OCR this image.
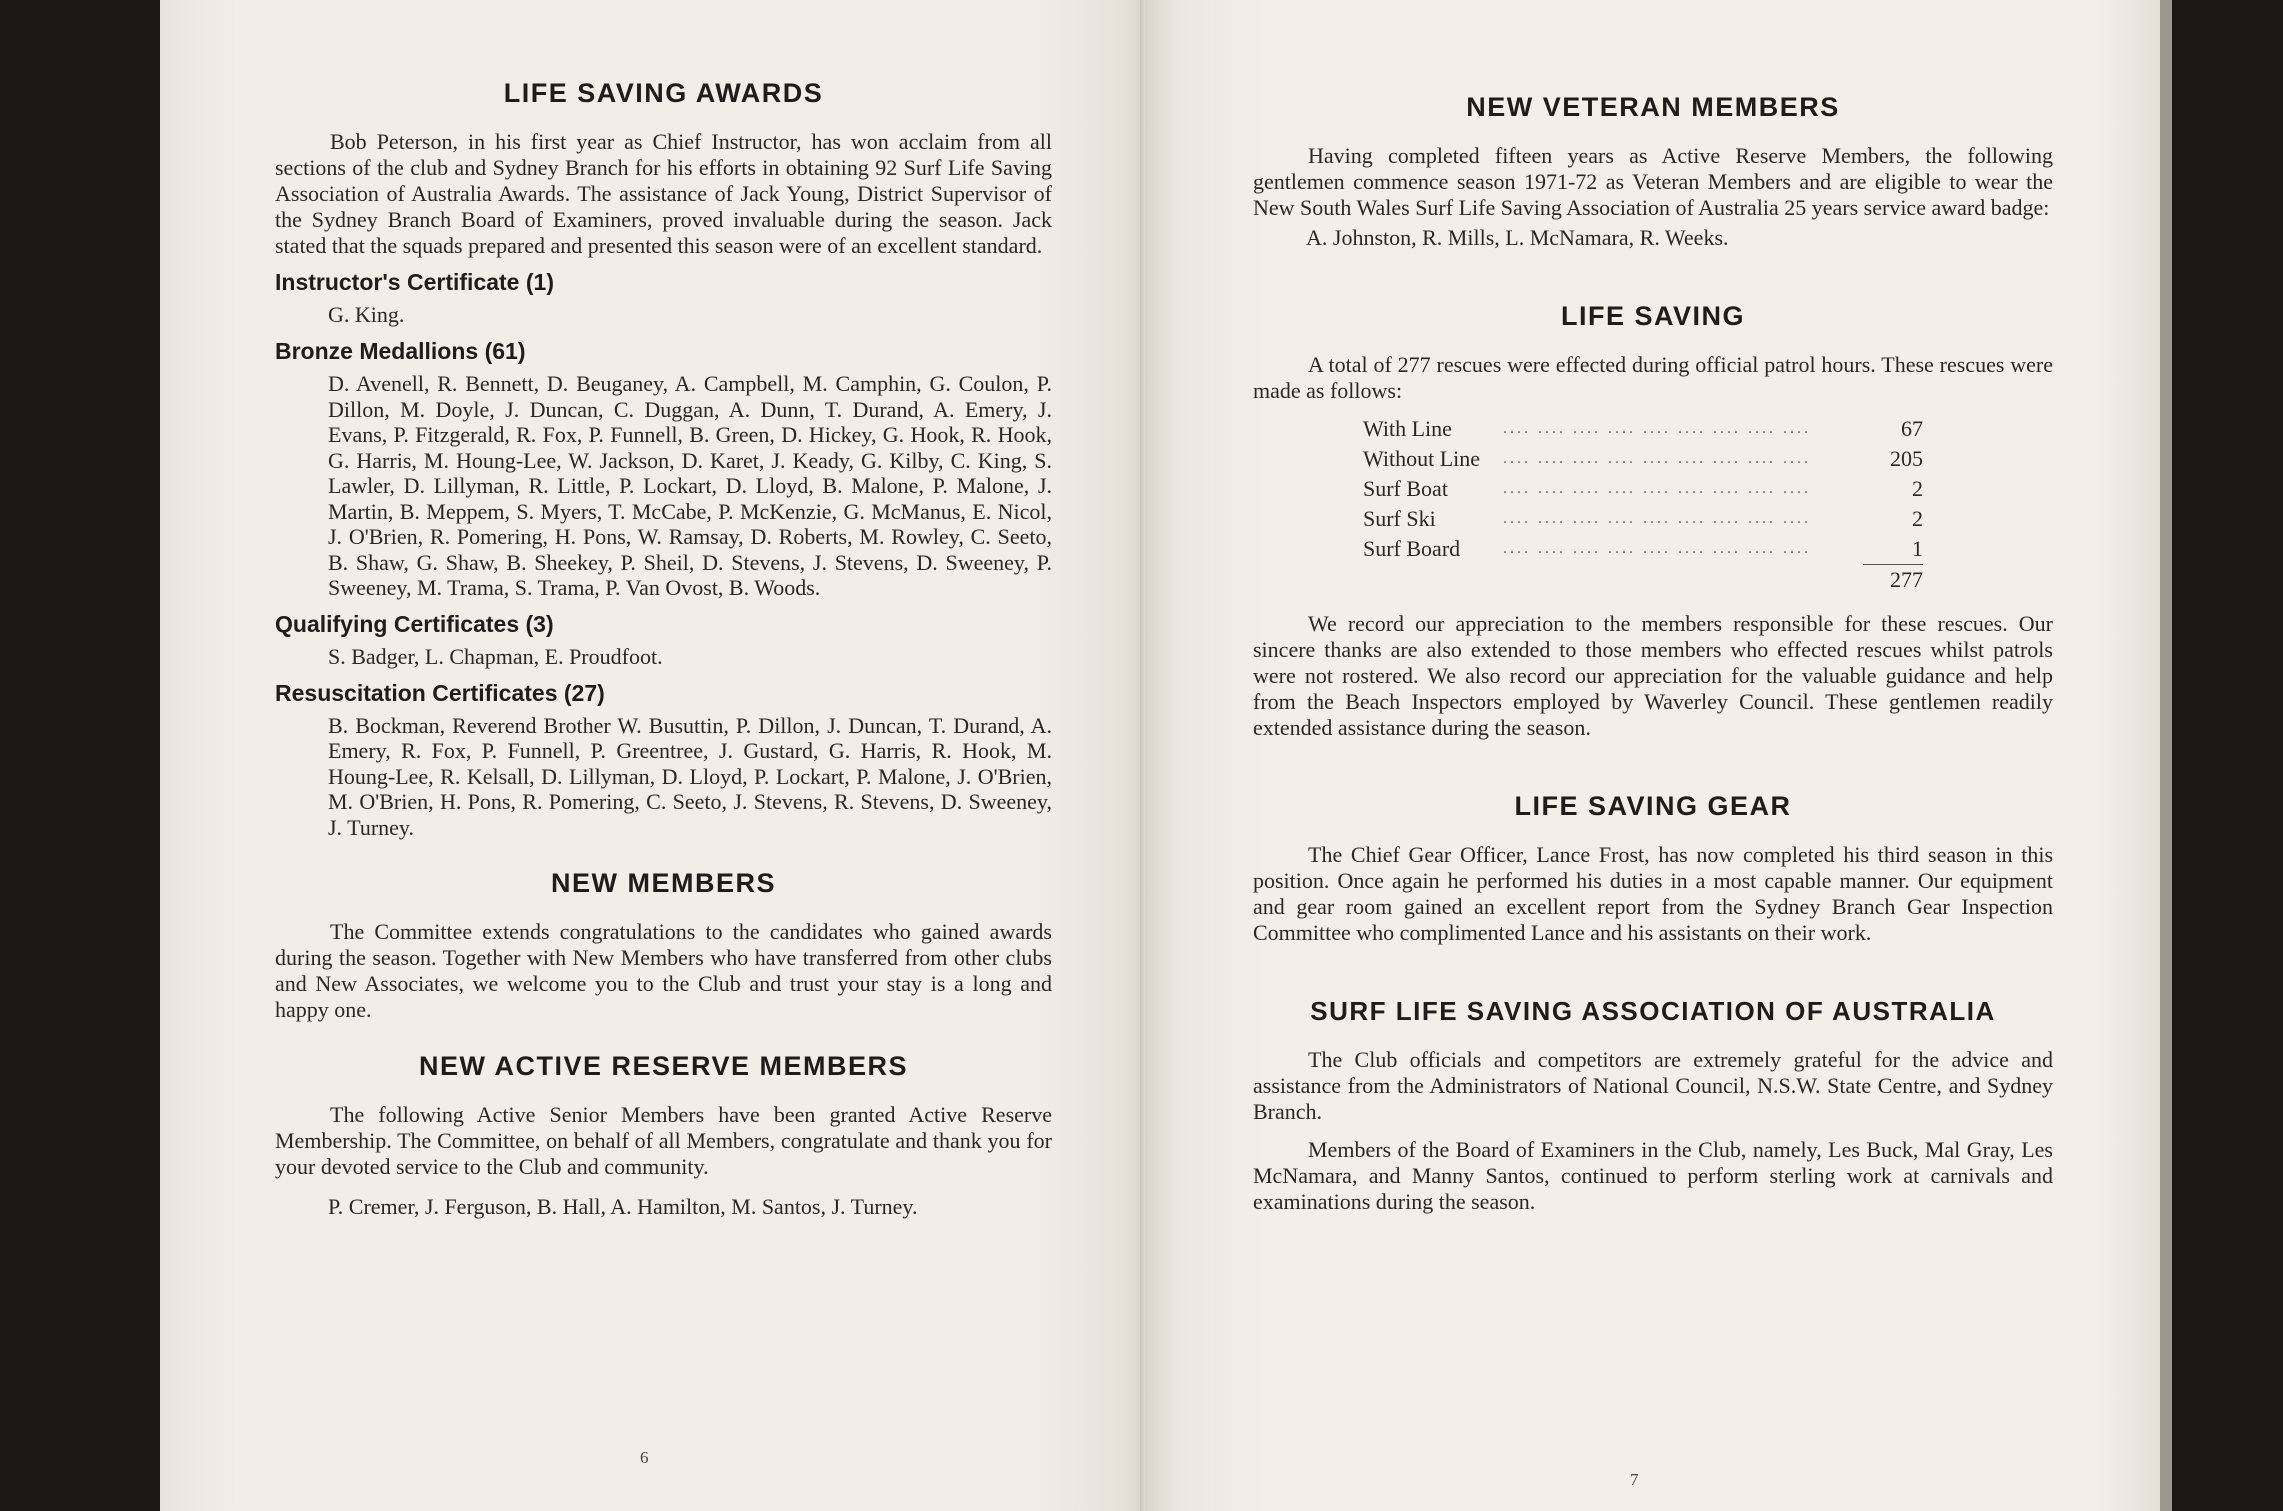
LIFE SAVING AWARDS

Bob Peterson, in his first year as Chief Instructor, has won acclaim from all sections of the club and Sydney Branch for his efforts in obtaining 92 Surf Life Saving Association of Australia Awards. The assistance of Jack Young, District Supervisor of the Sydney Branch Board of Examiners, proved invaluable during the season. Jack stated that the squads prepared and presented this season were of an excellent standard.

Instructor's Certificate (1)
G. King.
Bronze Medallions (61)
D. Avenell, R. Bennett, D. Beuganey, A. Campbell, M. Camphin, G. Coulon, P. Dillon, M. Doyle, J. Duncan, C. Duggan, A. Dunn, T. Durand, A. Emery, J. Evans, P. Fitzgerald, R. Fox, P. Funnell, B. Green, D. Hickey, G. Hook, R. Hook, G. Harris, M. Houng-Lee, W. Jackson, D. Karet, J. Keady, G. Kilby, C. King, S. Lawler, D. Lillyman, R. Little, P. Lockart, D. Lloyd, B. Malone, P. Malone, J. Martin, B. Meppem, S. Myers, T. McCabe, P. McKenzie, G. McManus, E. Nicol, J. O'Brien, R. Pomering, H. Pons, W. Ramsay, D. Roberts, M. Rowley, C. Seeto, B. Shaw, G. Shaw, B. Sheekey, P. Sheil, D. Stevens, J. Stevens, D. Sweeney, P. Sweeney, M. Trama, S. Trama, P. Van Ovost, B. Woods.
Qualifying Certificates (3)
S. Badger, L. Chapman, E. Proudfoot.
Resuscitation Certificates (27)
B. Bockman, Reverend Brother W. Busuttin, P. Dillon, J. Duncan, T. Durand, A. Emery, R. Fox, P. Funnell, P. Greentree, J. Gustard, G. Harris, R. Hook, M. Houng-Lee, R. Kelsall, D. Lillyman, D. Lloyd, P. Lockart, P. Malone, J. O'Brien, M. O'Brien, H. Pons, R. Pomering, C. Seeto, J. Stevens, R. Stevens, D. Sweeney, J. Turney.
NEW MEMBERS

The Committee extends congratulations to the candidates who gained awards during the season. Together with New Members who have transferred from other clubs and New Associates, we welcome you to the Club and trust your stay is a long and happy one.

NEW ACTIVE RESERVE MEMBERS

The following Active Senior Members have been granted Active Reserve Membership. The Committee, on behalf of all Members, congratulate and thank you for your devoted service to the Club and community.

P. Cremer, J. Ferguson, B. Hall, A. Hamilton, M. Santos, J. Turney.
6
NEW VETERAN MEMBERS

Having completed fifteen years as Active Reserve Members, the following gentlemen commence season 1971-72 as Veteran Members and are eligible to wear the New South Wales Surf Life Saving Association of Australia 25 years service award badge:

A. Johnston, R. Mills, L. McNamara, R. Weeks.
LIFE SAVING

A total of 277 rescues were effected during official patrol hours. These rescues were made as follows:

With Line	.... .... .... .... .... .... .... .... ....	67
Without Line	.... .... .... .... .... .... .... .... ....	205
Surf Boat	.... .... .... .... .... .... .... .... ....	2
Surf Ski	.... .... .... .... .... .... .... .... ....	2
Surf Board	.... .... .... .... .... .... .... .... ....	1
		277

We record our appreciation to the members responsible for these rescues. Our sincere thanks are also extended to those members who effected rescues whilst patrols were not rostered. We also record our appreciation for the valuable guidance and help from the Beach Inspectors employed by Waverley Council. These gentlemen readily extended assistance during the season.

LIFE SAVING GEAR

The Chief Gear Officer, Lance Frost, has now completed his third season in this position. Once again he performed his duties in a most capable manner. Our equipment and gear room gained an excellent report from the Sydney Branch Gear Inspection Committee who complimented Lance and his assistants on their work.

SURF LIFE SAVING ASSOCIATION OF AUSTRALIA

The Club officials and competitors are extremely grateful for the advice and assistance from the Administrators of National Council, N.S.W. State Centre, and Sydney Branch.

Members of the Board of Examiners in the Club, namely, Les Buck, Mal Gray, Les McNamara, and Manny Santos, continued to perform sterling work at carnivals and examinations during the season.

7
